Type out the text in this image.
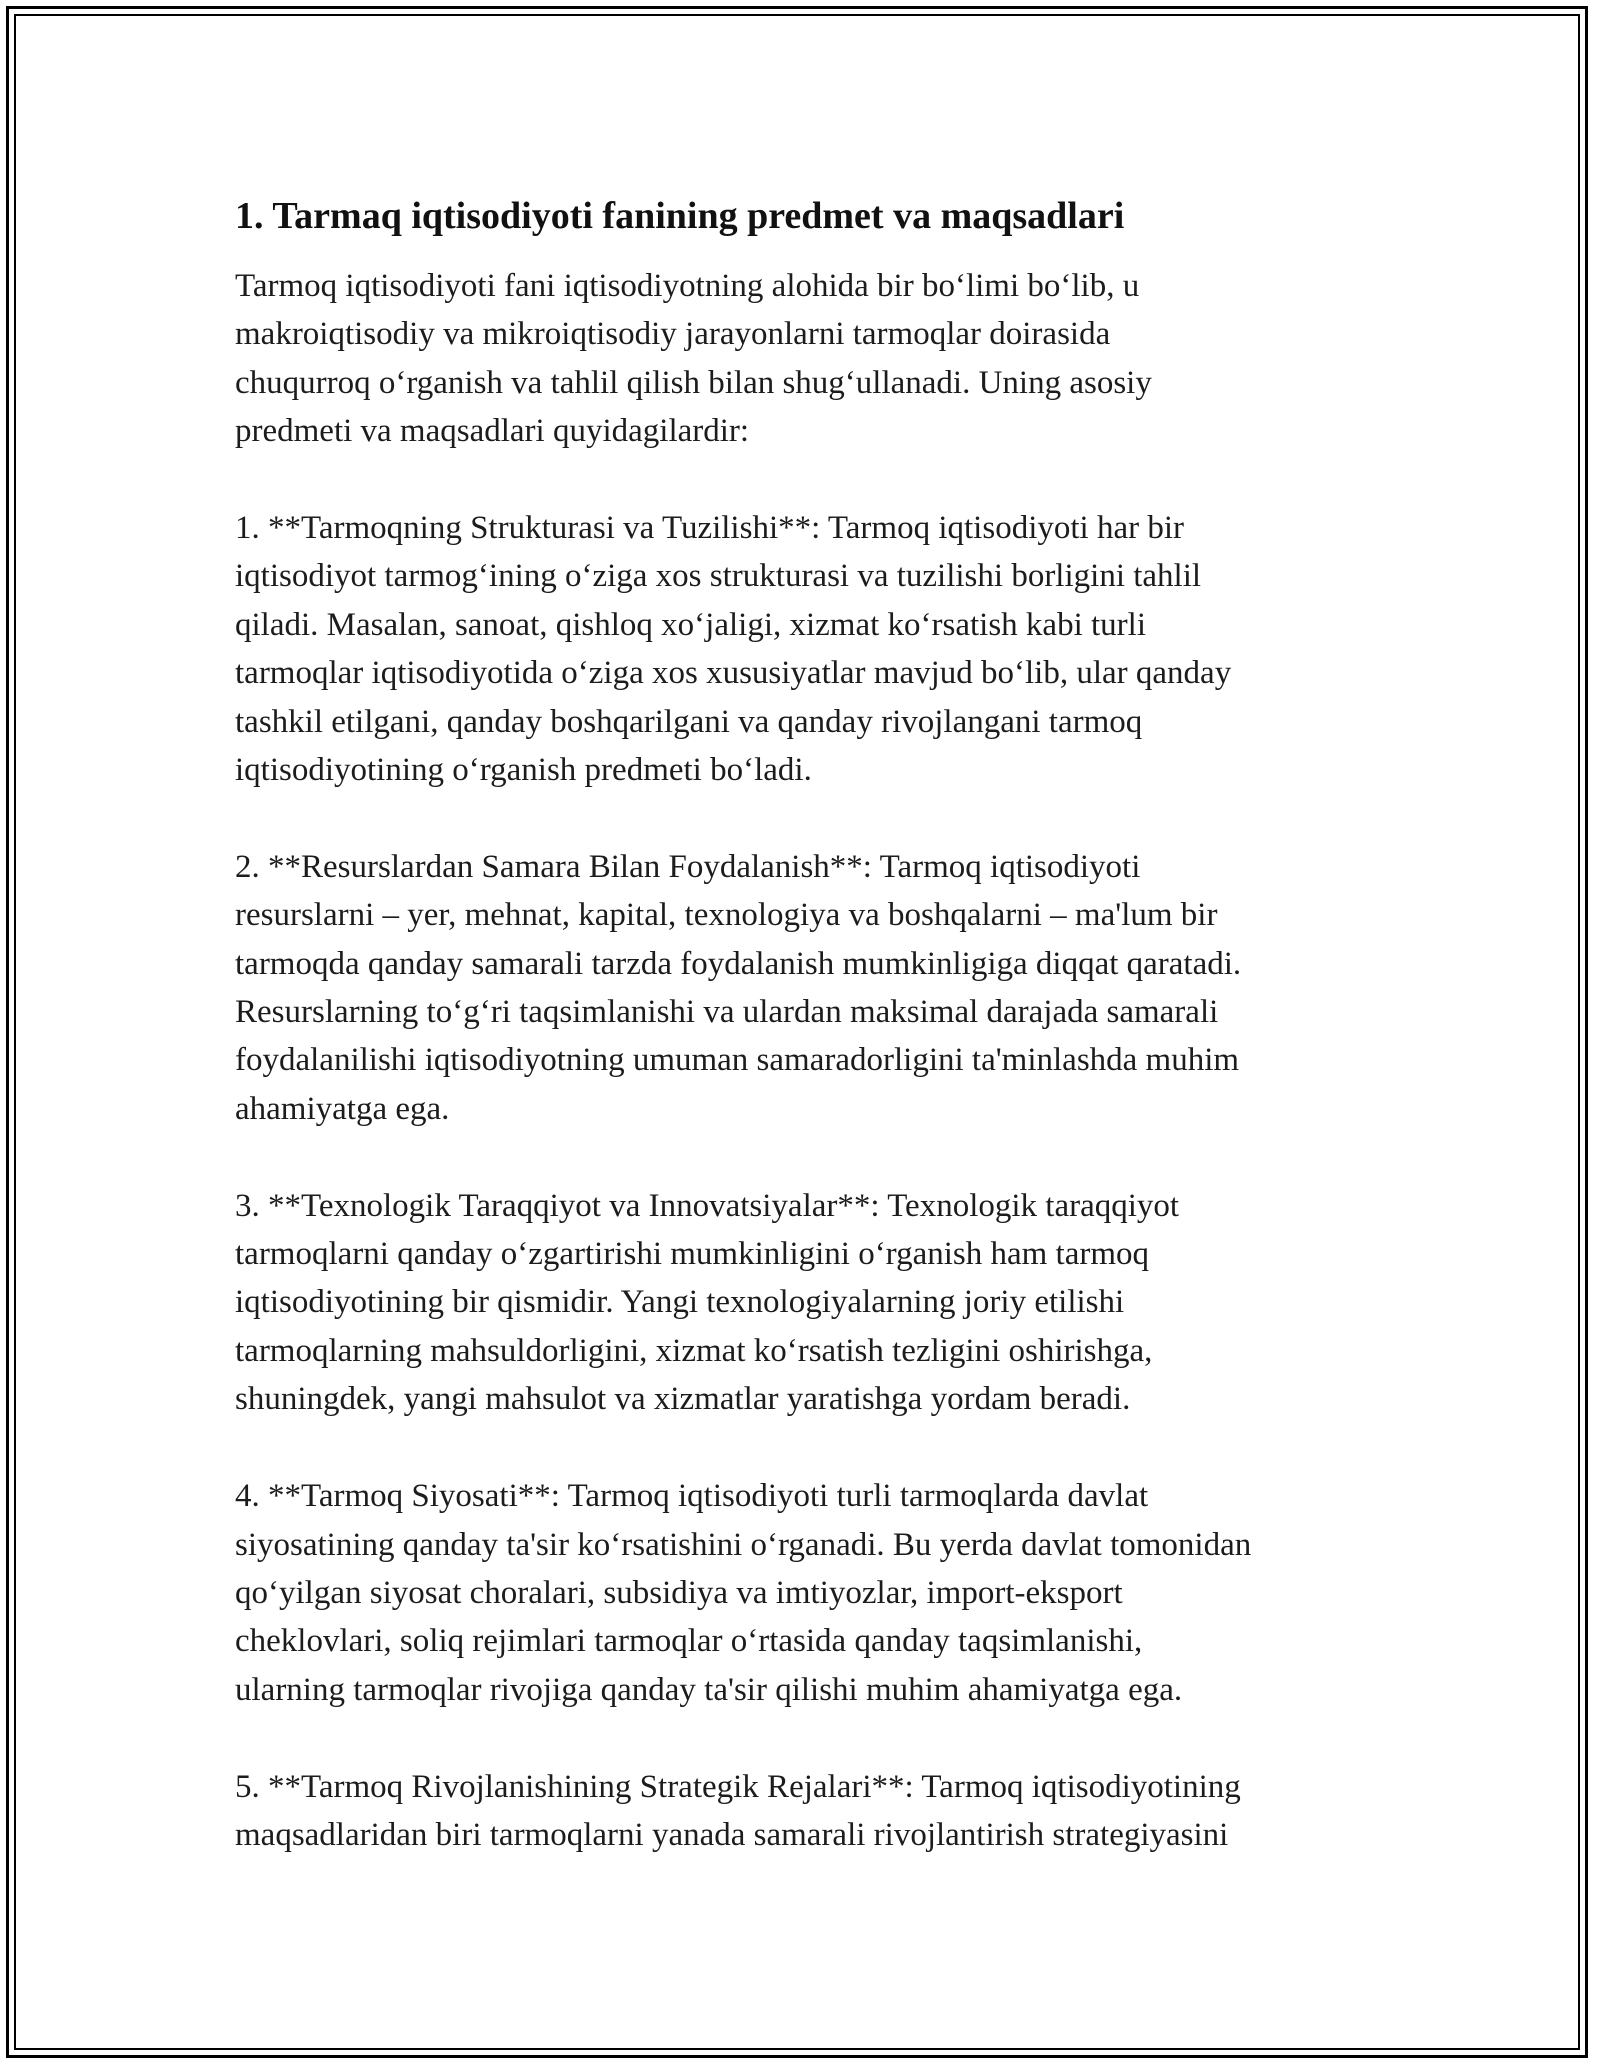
1. Tarmaq iqtisodiyoti fanining predmet va maqsadlari

Tarmoq iqtisodiyoti fani iqtisodiyotning alohida bir bo‘limi bo‘lib, u
makroiqtisodiy va mikroiqtisodiy jarayonlarni tarmoqlar doirasida
chuqurroq o‘rganish va tahlil qilish bilan shug‘ullanadi. Uning asosiy
predmeti va maqsadlari quyidagilardir:

1. **Tarmoqning Strukturasi va Tuzilishi**: Tarmoq iqtisodiyoti har bir
iqtisodiyot tarmog‘ining o‘ziga xos strukturasi va tuzilishi borligini tahlil
qiladi. Masalan, sanoat, qishloq xo‘jaligi, xizmat ko‘rsatish kabi turli
tarmoqlar iqtisodiyotida o‘ziga xos xususiyatlar mavjud bo‘lib, ular qanday
tashkil etilgani, qanday boshqarilgani va qanday rivojlangani tarmoq
iqtisodiyotining o‘rganish predmeti bo‘ladi.

2. **Resurslardan Samara Bilan Foydalanish**: Tarmoq iqtisodiyoti
resurslarni – yer, mehnat, kapital, texnologiya va boshqalarni – ma'lum bir
tarmoqda qanday samarali tarzda foydalanish mumkinligiga diqqat qaratadi.
Resurslarning to‘g‘ri taqsimlanishi va ulardan maksimal darajada samarali
foydalanilishi iqtisodiyotning umuman samaradorligini ta'minlashda muhim
ahamiyatga ega.

3. **Texnologik Taraqqiyot va Innovatsiyalar**: Texnologik taraqqiyot
tarmoqlarni qanday o‘zgartirishi mumkinligini o‘rganish ham tarmoq
iqtisodiyotining bir qismidir. Yangi texnologiyalarning joriy etilishi
tarmoqlarning mahsuldorligini, xizmat ko‘rsatish tezligini oshirishga,
shuningdek, yangi mahsulot va xizmatlar yaratishga yordam beradi.

4. **Tarmoq Siyosati**: Tarmoq iqtisodiyoti turli tarmoqlarda davlat
siyosatining qanday ta'sir ko‘rsatishini o‘rganadi. Bu yerda davlat tomonidan
qo‘yilgan siyosat choralari, subsidiya va imtiyozlar, import-eksport
cheklovlari, soliq rejimlari tarmoqlar o‘rtasida qanday taqsimlanishi,
ularning tarmoqlar rivojiga qanday ta'sir qilishi muhim ahamiyatga ega.

5. **Tarmoq Rivojlanishining Strategik Rejalari**: Tarmoq iqtisodiyotining
maqsadlaridan biri tarmoqlarni yanada samarali rivojlantirish strategiyasini
